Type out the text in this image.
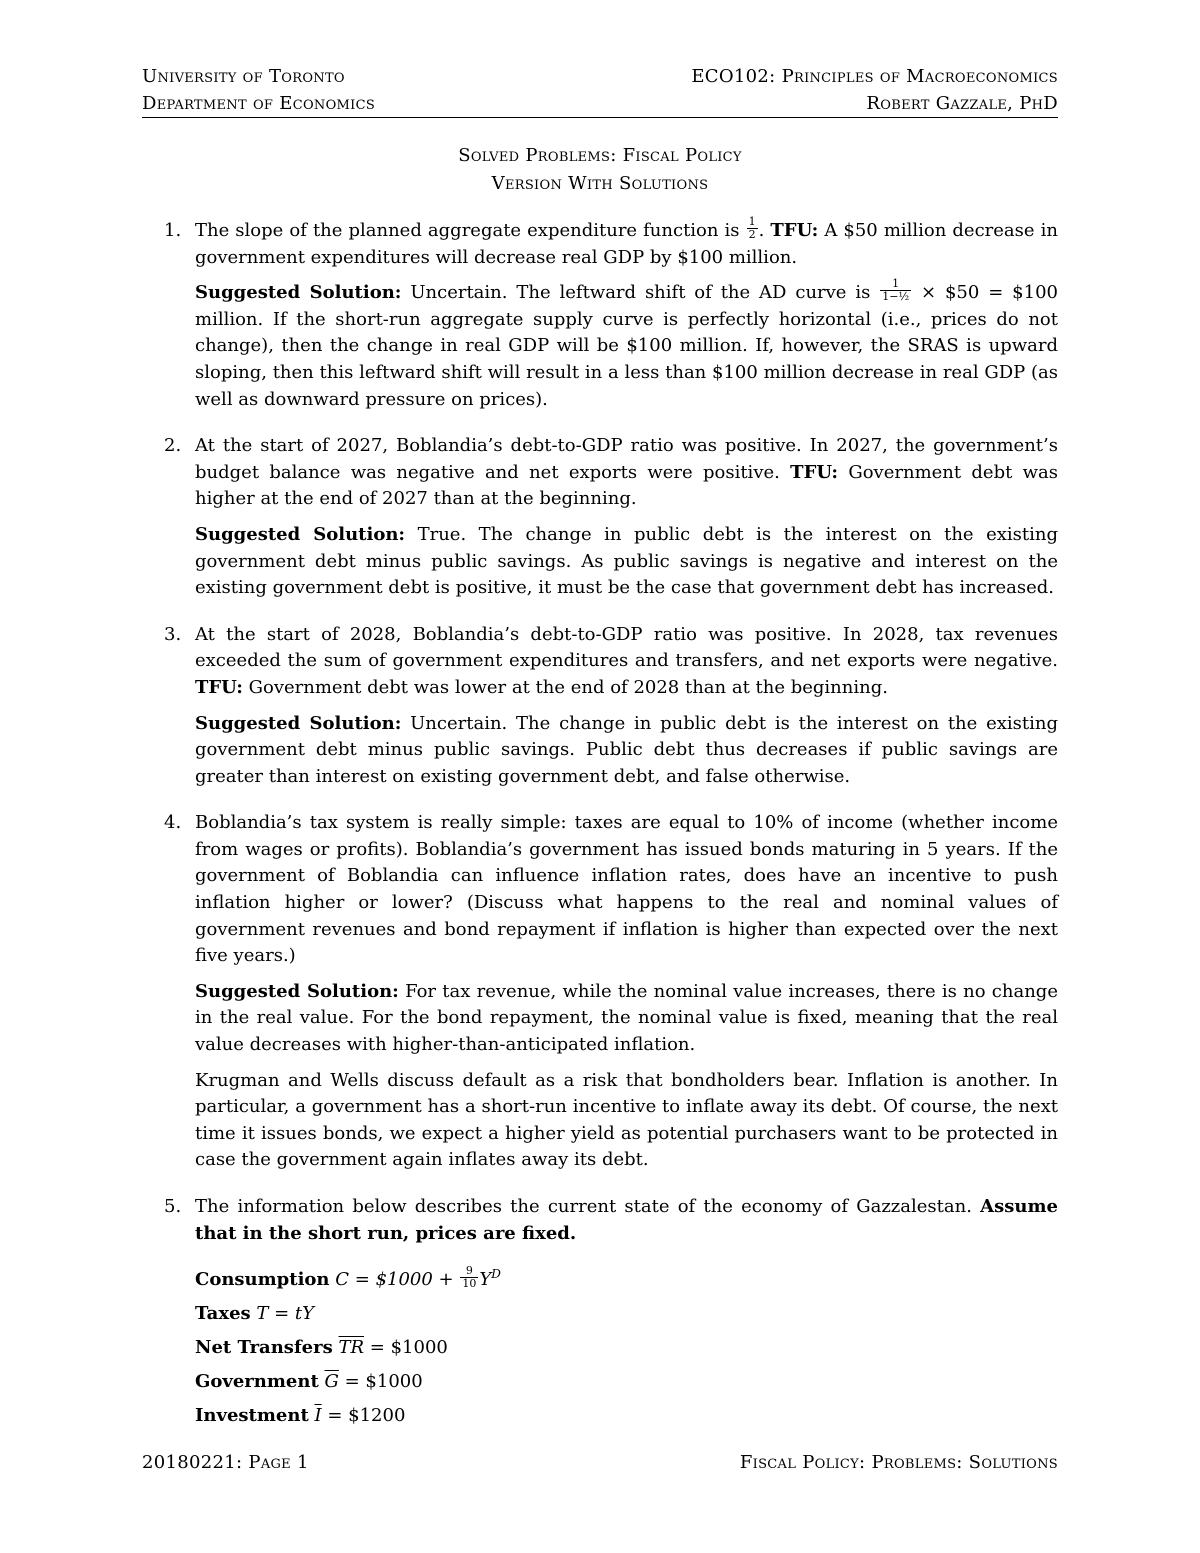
University of Toronto	ECO102: Principles of Macroeconomics
Department of Economics	Robert Gazzale, PhD
Solved Problems: Fiscal Policy
Version With Solutions
1. The slope of the planned aggregate expenditure function is $\frac{1}{2}$ . TFU: A $50 million decrease in government expenditures will decrease real GDP by $100 million.

Suggested Solution: Uncertain. The leftward shift of the AD curve is $\frac{1}{\text{1−½}}$ × $50 = $100 million. If the short-run aggregate supply curve is perfectly horizontal (i.e., prices do not change), then the change in real GDP will be $100 million. If, however, the SRAS is upward sloping, then this leftward shift will result in a less than $100 million decrease in real GDP (as well as downward pressure on prices).

2. At the start of 2027, Boblandia’s debt-to-GDP ratio was positive. In 2027, the government’s budget balance was negative and net exports were positive. TFU: Government debt was higher at the end of 2027 than at the beginning.

Suggested Solution: True. The change in public debt is the interest on the existing government debt minus public savings. As public savings is negative and interest on the existing government debt is positive, it must be the case that government debt has increased.

3. At the start of 2028, Boblandia’s debt-to-GDP ratio was positive. In 2028, tax revenues exceeded the sum of government expenditures and transfers, and net exports were negative. TFU: Government debt was lower at the end of 2028 than at the beginning.

Suggested Solution: Uncertain. The change in public debt is the interest on the existing government debt minus public savings. Public debt thus decreases if public savings are greater than interest on existing government debt, and false otherwise.

4. Boblandia’s tax system is really simple: taxes are equal to 10% of income (whether income from wages or profits). Boblandia’s government has issued bonds maturing in 5 years. If the government of Boblandia can influence inflation rates, does have an incentive to push inflation higher or lower? (Discuss what happens to the real and nominal values of government revenues and bond repayment if inflation is higher than expected over the next five years.)

Suggested Solution: For tax revenue, while the nominal value increases, there is no change in the real value. For the bond repayment, the nominal value is fixed, meaning that the real value decreases with higher-than-anticipated inflation.

Krugman and Wells discuss default as a risk that bondholders bear. Inflation is another. In particular, a government has a short-run incentive to inflate away its debt. Of course, the next time it issues bonds, we expect a higher yield as potential purchasers want to be protected in case the government again inflates away its debt.

5. The information below describes the current state of the economy of Gazzalestan. Assume that in the short run, prices are fixed.

Consumption C = $1000 + $\frac{9}{10} Y^D$
Taxes T = tY
Net Transfers $\overline{TR}$ = $1000
Government $\overline{G}$ = $1000
Investment $\overline{I}$ = $1200
20180221: Page 1	Fiscal Policy: Problems: Solutions
